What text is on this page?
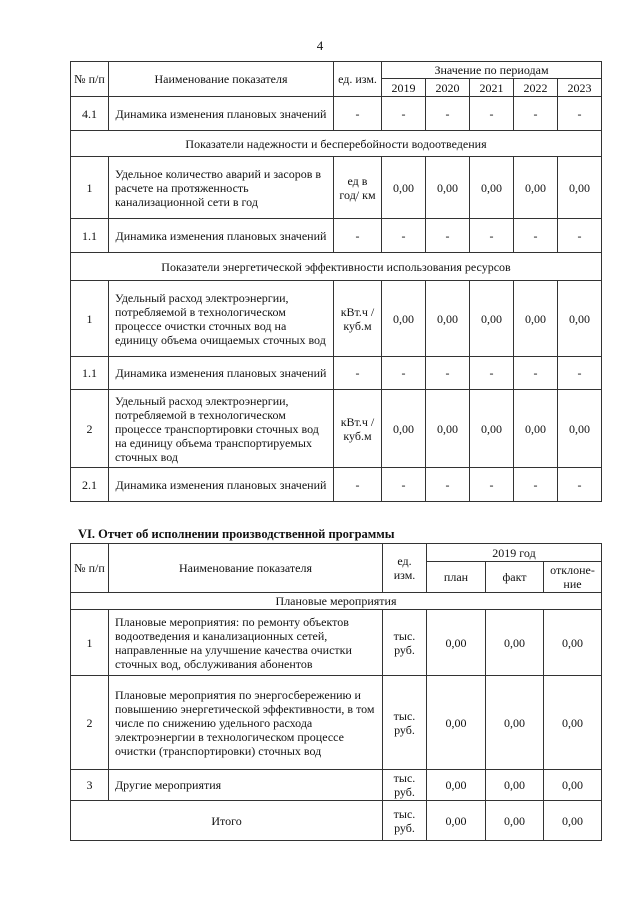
4
№ п/п	Наименование показателя	ед. изм.	Значение по периодам				
			2019	2020	2021	2022	2023
4.1	Динамика изменения плановых значений	-	-	-	-	-	-
Показатели надежности и бесперебойности водоотведения							
1	Удельное количество аварий и засоров в расчете на протяженность канализационной сети в год	ед в год/ км	0,00	0,00	0,00	0,00	0,00
1.1	Динамика изменения плановых значений	-	-	-	-	-	-
Показатели энергетической эффективности использования ресурсов							
1	Удельный расход электроэнергии, потребляемой в технологическом процессе очистки сточных вод на единицу объема очищаемых сточных вод	кВт.ч / куб.м	0,00	0,00	0,00	0,00	0,00
1.1	Динамика изменения плановых значений	-	-	-	-	-	-
2	Удельный расход электроэнергии, потребляемой в технологическом процессе транспортировки сточных вод на единицу объема транспортируемых сточных вод	кВт.ч / куб.м	0,00	0,00	0,00	0,00	0,00
2.1	Динамика изменения плановых значений	-	-	-	-	-	-
VI. Отчет об исполнении производственной программы
№ п/п	Наименование показателя	ед. изм.	2019 год		
			план	факт	отклоне-ние
Плановые мероприятия					
1	Плановые мероприятия: по ремонту объектов водоотведения и канализационных сетей, направленные на улучшение качества очистки сточных вод, обслуживания абонентов	тыс. руб.	0,00	0,00	0,00
2	Плановые мероприятия по энергосбережению и повышению энергетической эффективности, в том числе по снижению удельного расхода электроэнергии в технологическом процессе очистки (транспортировки) сточных вод	тыс. руб.	0,00	0,00	0,00
3	Другие мероприятия	тыс. руб.	0,00	0,00	0,00
Итого		тыс. руб.	0,00	0,00	0,00
